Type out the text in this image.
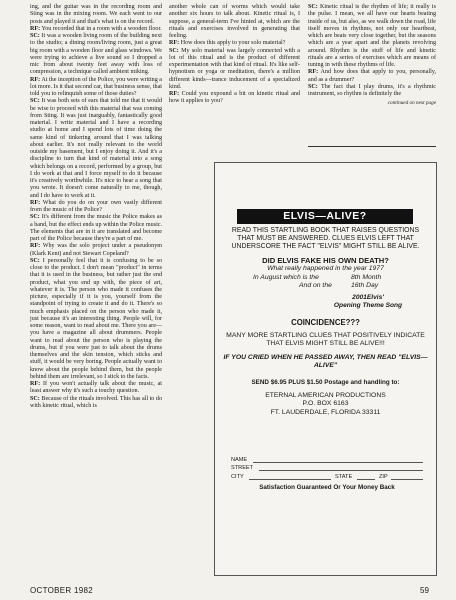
ing, and the guitar was in the recording room and Sting was in the mixing room. We each went to our posts and played it and that's what is on the record.

RF: You recorded that in a room with a wooden floor.

SC: It was a wooden living room of the building next to the studio; a dining room/living room, just a great big room with a wooden floor and glass windows. We were trying to achieve a live sound so I dropped a mic from about twenty feet away with loss of compression, a technique called ambient miking.

RF: At the inception of the Police, you were writing a lot more. Is it that second car, that business sense, that told you to relinquish some of those duties?

SC: It was both sets of ears that told me that it would be wise to proceed with this material that was coming from Sting. It was just inarguably, fantastically good material. I write material and I have a recording studio at home and I spend lots of time doing the same kind of tinkering around that I was talking about earlier. It's not really relevant to the world outside my basement, but I enjoy doing it. And it's a discipline to turn that kind of material into a song which belongs on a record, performed by a group, but I do work at that and I force myself to do it because it's creatively worthwhile. It's nice to hear a song that you wrote. It doesn't come naturally to me, though, and I do have to work at it.

RF: What do you do on your own vastly different from the music of the Police?

SC: It's different from the music the Police makes as a band, but the effect ends up within the Police music. The elements that are in it are translated and become part of the Police because they're a part of me.

RF: Why was the solo project under a pseudonym (Klark Kent) and not Stewart Copeland?

SC: I personally feel that it is confusing to be so close to the product. I don't mean "product" in terms that it is used in the business, but rather just the end product, what you end up with, the piece of art, whatever it is. The person who made it confuses the picture, especially if it is you, yourself from the standpoint of trying to create it and do it. There's so much emphasis placed on the person who made it, just because it's an interesting thing. People will, for some reason, want to read about me. There you are—you have a magazine all about drummers. People want to read about the person who is playing the drums, but if you were just to talk about the drums themselves and the skin tension, which sticks and stuff, it would be very boring. People actually want to know about the people behind them, but the people behind them are irrelevant, so I stick to the facts.

RF: If you won't actually talk about the music, at least answer why it's such a touchy question.

SC: Because of the rituals involved. This has all to do with kinetic ritual, which is

another whole can of worms which would take another six hours to talk about. Kinetic ritual is, I suppose, a general-term I've hinted at, which are the rituals and exercises involved in generating that feeling.

RF: How does this apply to your solo material?

SC: My solo material was largely connected with a lot of this ritual and is the product of different experimentation with that kind of ritual. It's like self-hypnotism or yoga or meditation, there's a million different kinds—trance inducement of a specialized kind.

RF: Could you expound a bit on kinetic ritual and how it applies to you?

SC: Kinetic ritual is the rhythm of life; it really is the pulse. I mean, we all have our hearts beating inside of us, but also, as we walk down the road, life itself moves in rhythms, not only our heartbeat, which are beats very close together, but the seasons which are a year apart and the planets revolving around. Rhythm is the stuff of life and kinetic rituals are a series of exercises which are means of tuning in with these rhythms of life.

RF: And how does that apply to you, personally, and as a drummer?

SC: The fact that I play drums, it's a rhythmic instrument, so rhythm is definitely the

continued on next page
ELVIS—ALIVE?
READ THIS STARTLING BOOK THAT RAISES QUESTIONS THAT MUST BE ANSWERED. CLUES ELVIS LEFT THAT UNDERSCORE THE FACT "ELVIS" MIGHT STILL BE ALIVE.
DID ELVIS FAKE HIS OWN DEATH?
What really happened in the year 1977
In August which is the	8th Month
And on the	16th Day
2001Elvis'
Opening Theme Song
COINCIDENCE???
MANY MORE STARTLING CLUES THAT POSITIVELY INDICATE THAT ELVIS MIGHT STILL BE ALIVE!!!
IF YOU CRIED WHEN HE PASSED AWAY, THEN READ "ELVIS—ALIVE"
SEND $6.95 PLUS $1.50 Postage and handling to:
ETERNAL AMERICAN PRODUCTIONS
P.O. BOX 6163
FT. LAUDERDALE, FLORIDA 33311
NAME
STREET
CITY	STATE	ZIP
Satisfaction Guaranteed Or Your Money Back
OCTOBER 1982	59
